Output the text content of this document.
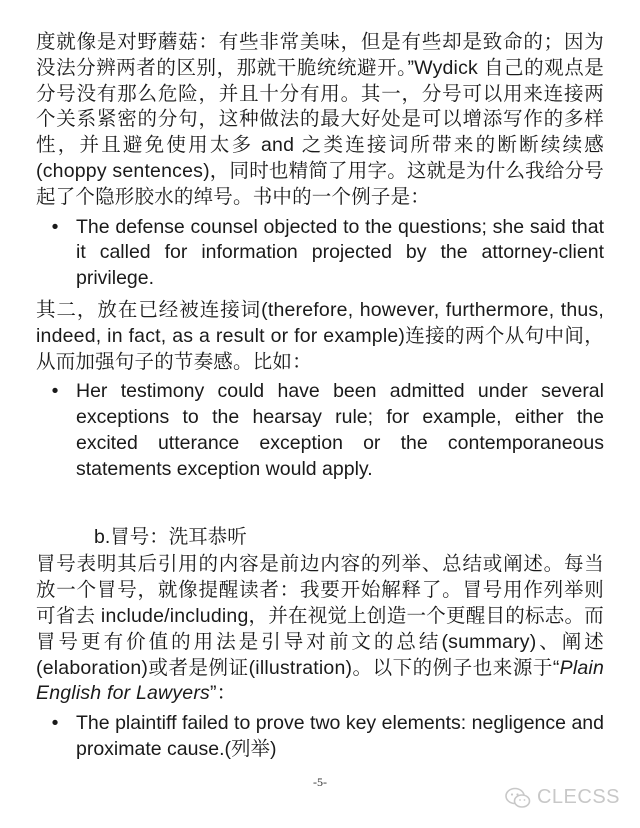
度就像是对野蘑菇：有些非常美味，但是有些却是致命的；因为没法分辨两者的区别，那就干脆统统避开。”Wydick 自己的观点是分号没有那么危险，并且十分有用。其一，分号可以用来连接两个关系紧密的分句，这种做法的最大好处是可以增添写作的多样性，并且避免使用太多 and 之类连接词所带来的断断续续感(choppy sentences)，同时也精简了用字。这就是为什么我给分号起了个隐形胶水的绰号。书中的一个例子是：

• The defense counsel objected to the questions; she said that it called for information projected by the attorney-client privilege.

其二，放在已经被连接词(therefore, however, furthermore, thus, indeed, in fact, as a result or for example)连接的两个从句中间，从而加强句子的节奏感。比如：

• Her testimony could have been admitted under several exceptions to the hearsay rule; for example, either the excited utterance exception or the contemporaneous statements exception would apply.

b.冒号：洗耳恭听

冒号表明其后引用的内容是前边内容的列举、总结或阐述。每当放一个冒号，就像提醒读者：我要开始解释了。冒号用作列举则可省去 include/including，并在视觉上创造一个更醒目的标志。而冒号更有价值的用法是引导对前文的总结(summary)、阐述(elaboration)或者是例证(illustration)。以下的例子也来源于“Plain English for Lawyers”：

• The plaintiff failed to prove two key elements: negligence and proximate cause.(列举)
-5-
CLECSS
